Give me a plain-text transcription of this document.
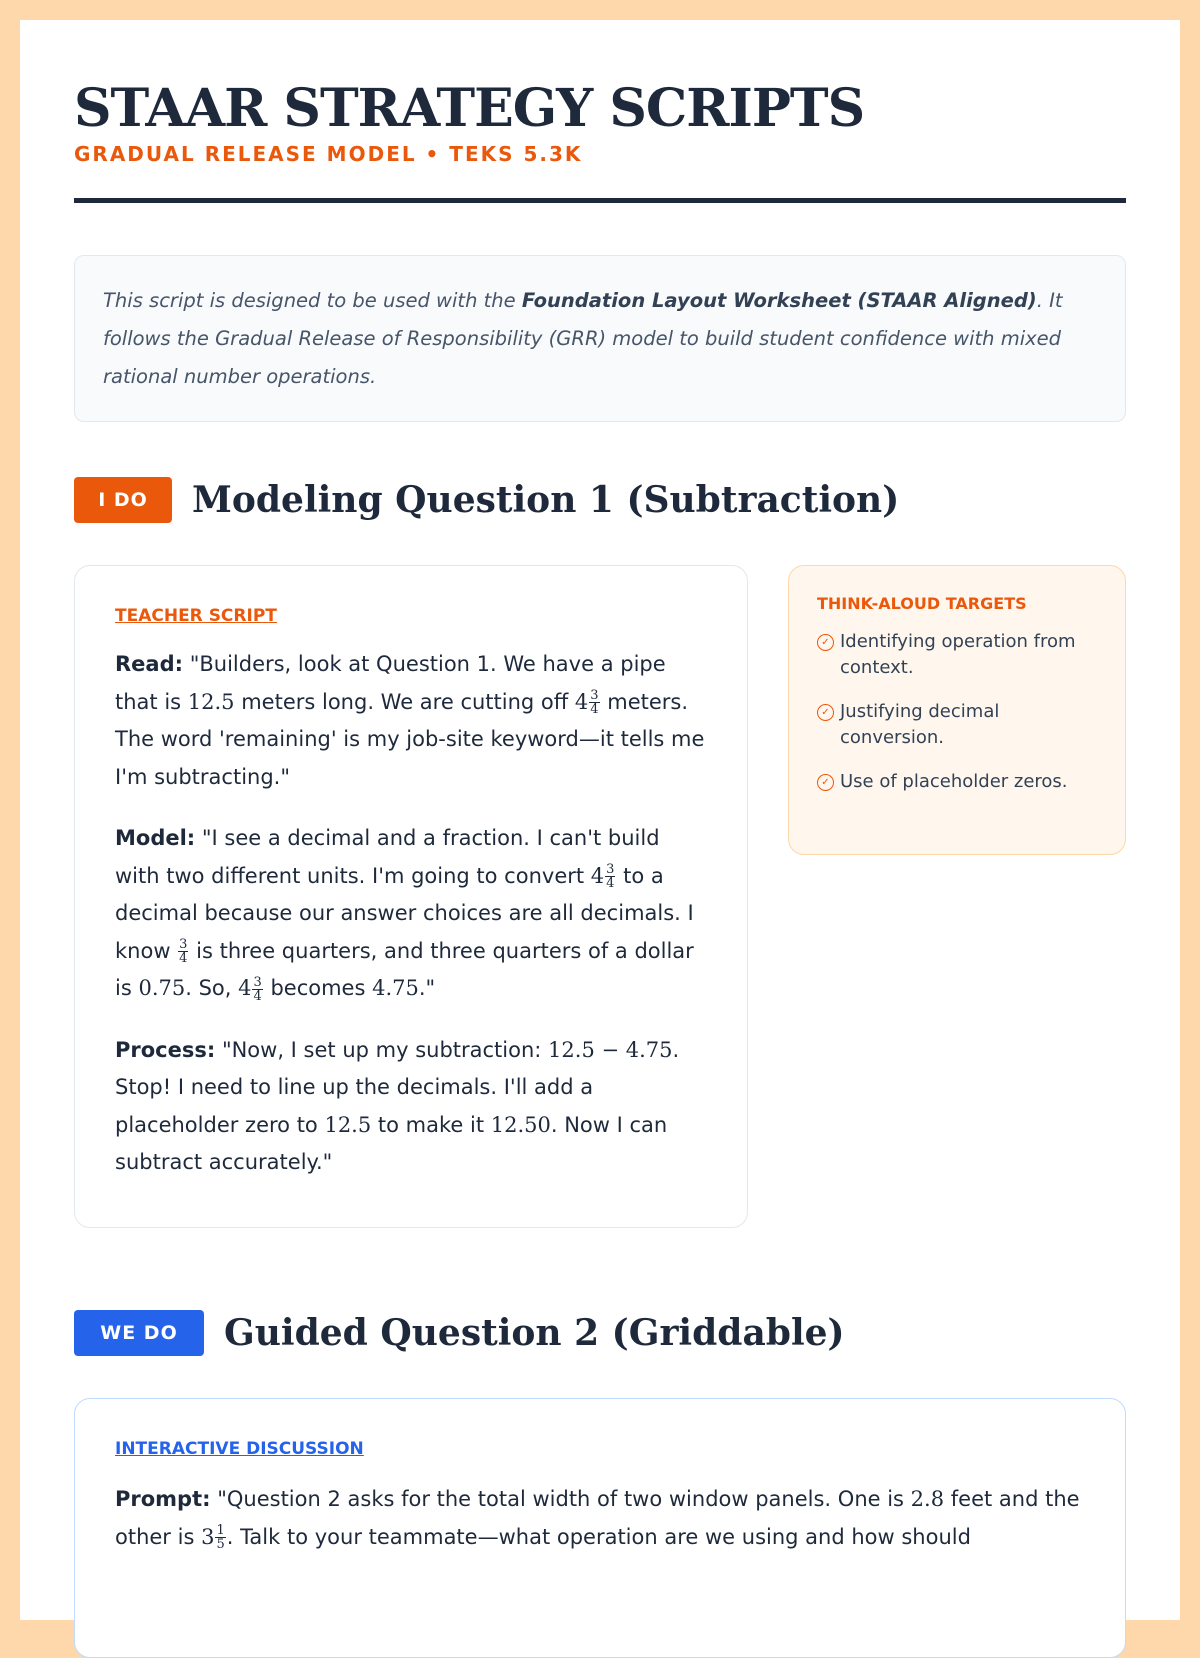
STAAR STRATEGY SCRIPTS
GRADUAL RELEASE MODEL • TEKS 5.3K
This script is designed to be used with the Foundation Layout Worksheet (STAAR Aligned). It follows the Gradual Release of Responsibility (GRR) model to build student confidence with mixed rational number operations.
I DO	Modeling Question 1 (Subtraction)
TEACHER SCRIPT

Read: "Builders, look at Question 1. We have a pipe that is 12.5 meters long. We are cutting off $4 \frac{3}{4}$ meters. The word 'remaining' is my job-site keyword—it tells me I'm subtracting."

Model: "I see a decimal and a fraction. I can't build with two different units. I'm going to convert $4 \frac{3}{4}$ to a decimal because our answer choices are all decimals. I know $\frac{3}{4}$ is three quarters, and three quarters of a dollar is 0.75. So, $4 \frac{3}{4}$ becomes 4.75."

Process: "Now, I set up my subtraction: 12.5 − 4.75. Stop! I need to line up the decimals. I'll add a placeholder zero to 12.5 to make it 12.50. Now I can subtract accurately."

THINK-ALOUD TARGETS
✓ Identifying operation from context.
✓ Justifying decimal conversion.
✓ Use of placeholder zeros.
WE DO	Guided Question 2 (Griddable)
INTERACTIVE DISCUSSION

Prompt: "Question 2 asks for the total width of two window panels. One is 2.8 feet and the other is $3 \frac{1}{5}$ . Talk to your teammate—what operation are we using and how should
